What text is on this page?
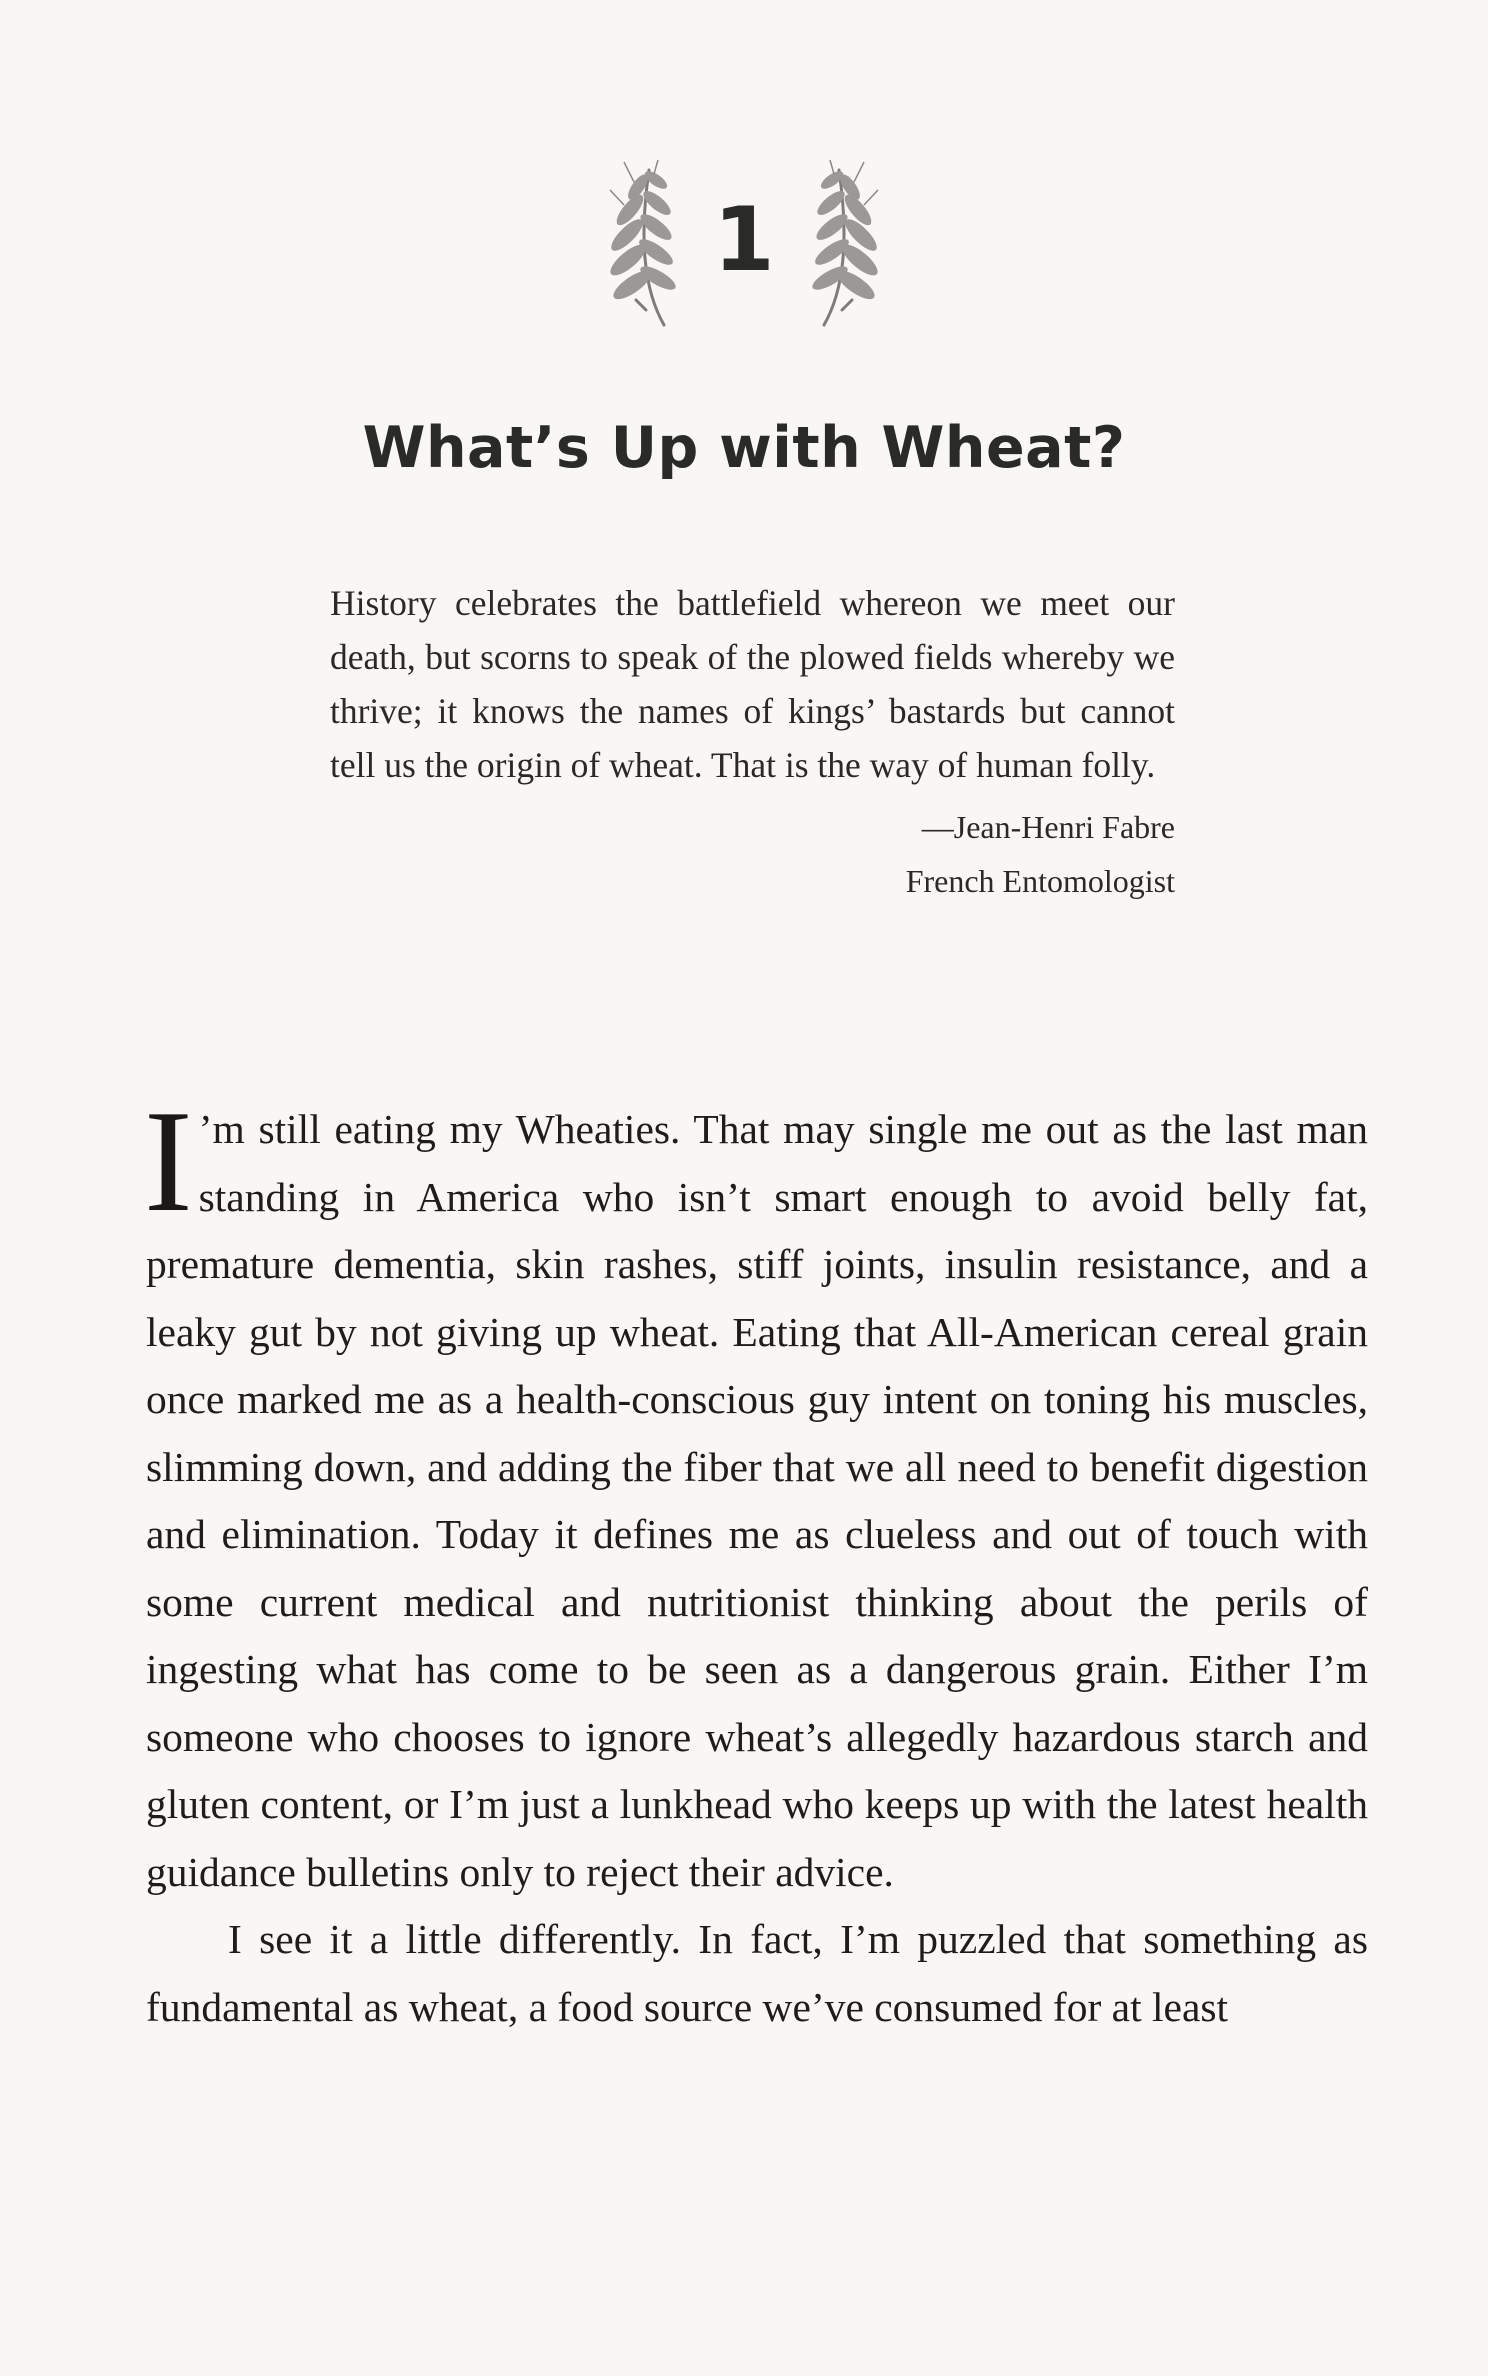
1
What’s Up with Wheat?

History celebrates the battlefield whereon we meet our death, but scorns to speak of the plowed fields whereby we thrive; it knows the names of kings’ bastards but cannot tell us the origin of wheat. That is the way of human folly.

—Jean-Henri Fabre
French Entomologist

I ’m still eating my Wheaties. That may single me out as the last man standing in America who isn’t smart enough to avoid belly fat, premature dementia, skin rashes, stiff joints, insulin resistance, and a leaky gut by not giving up wheat. Eating that All-American cereal grain once marked me as a health-conscious guy intent on toning his muscles, slimming down, and adding the fiber that we all need to benefit digestion and elimination. Today it defines me as clueless and out of touch with some current medical and nutritionist thinking about the perils of ingesting what has come to be seen as a dangerous grain. Either I’m someone who chooses to ignore wheat’s allegedly hazardous starch and gluten content, or I’m just a lunkhead who keeps up with the latest health guidance bulletins only to reject their advice.

I see it a little differently. In fact, I’m puzzled that something as fundamental as wheat, a food source we’ve consumed for at least
